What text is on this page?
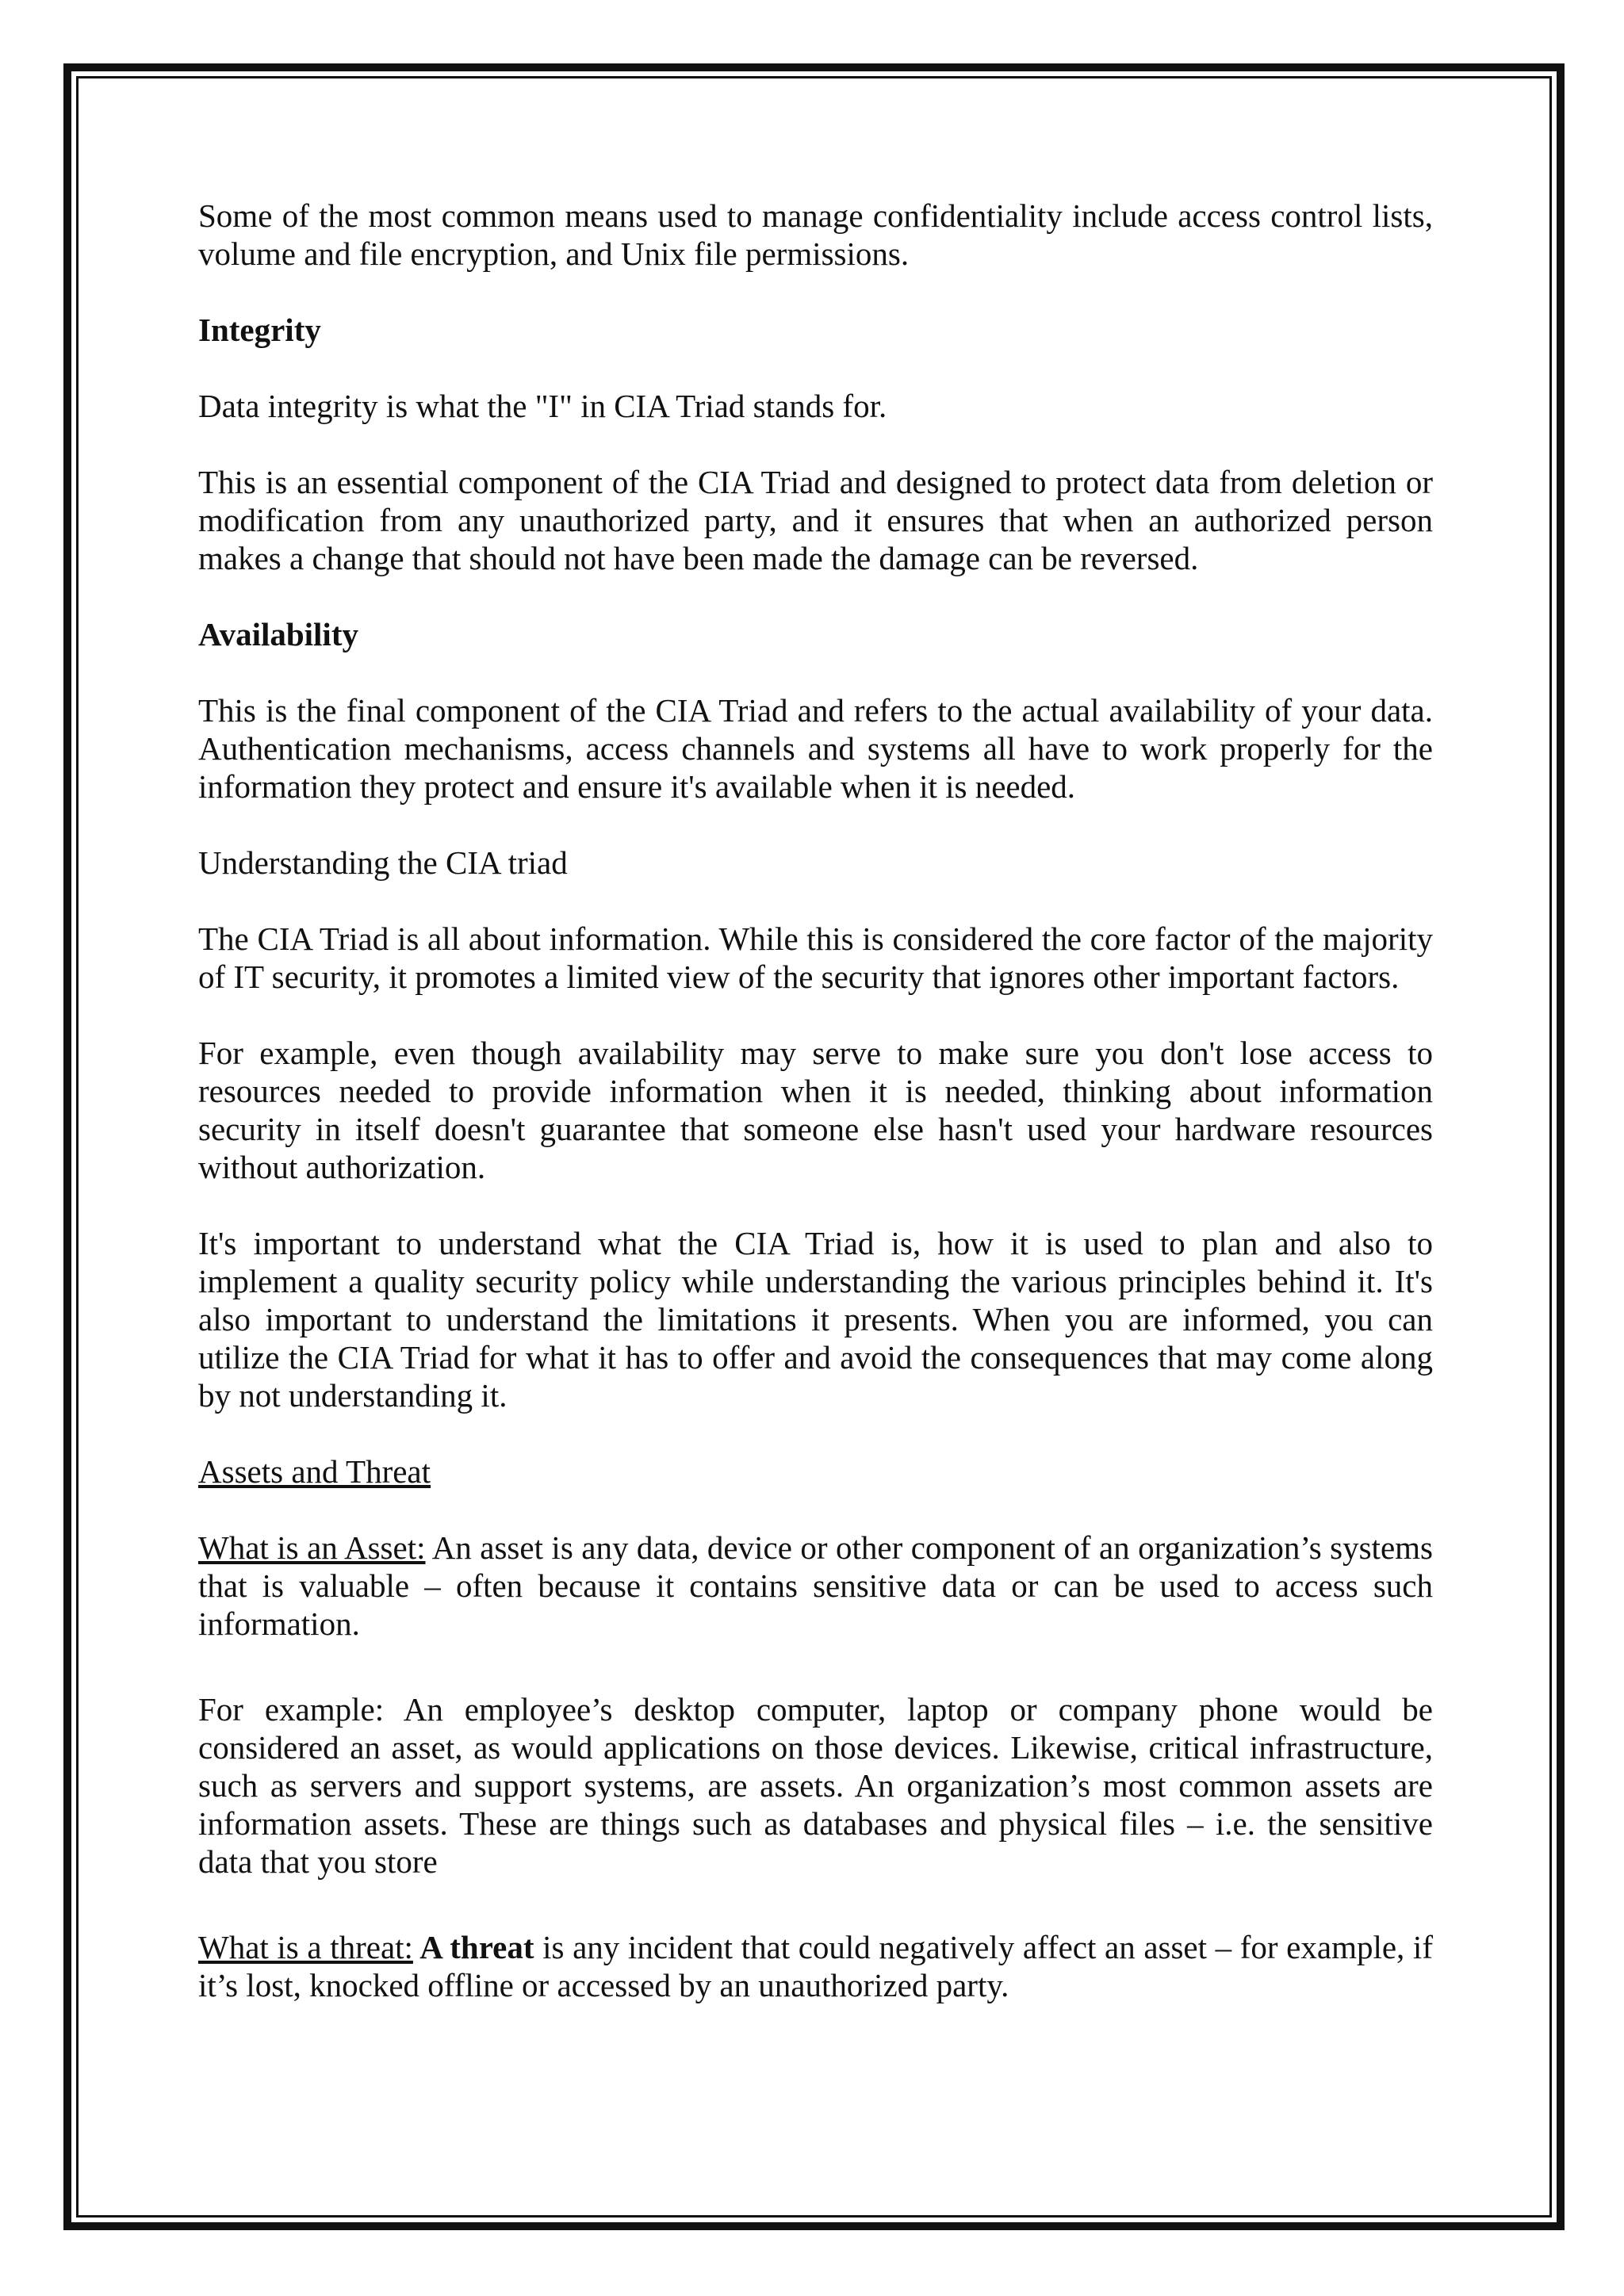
Some of the most common means used to manage confidentiality include access control lists, volume and file encryption, and Unix file permissions.

Integrity

Data integrity is what the "I" in CIA Triad stands for.

This is an essential component of the CIA Triad and designed to protect data from deletion or modification from any unauthorized party, and it ensures that when an authorized person makes a change that should not have been made the damage can be reversed.

Availability

This is the final component of the CIA Triad and refers to the actual availability of your data. Authentication mechanisms, access channels and systems all have to work properly for the information they protect and ensure it's available when it is needed.

Understanding the CIA triad

The CIA Triad is all about information. While this is considered the core factor of the majority of IT security, it promotes a limited view of the security that ignores other important factors.

For example, even though availability may serve to make sure you don't lose access to resources needed to provide information when it is needed, thinking about information security in itself doesn't guarantee that someone else hasn't used your hardware resources without authorization.

It's important to understand what the CIA Triad is, how it is used to plan and also to implement a quality security policy while understanding the various principles behind it. It's also important to understand the limitations it presents. When you are informed, you can utilize the CIA Triad for what it has to offer and avoid the consequences that may come along by not understanding it.

Assets and Threat

What is an Asset: An asset is any data, device or other component of an organization’s systems that is valuable – often because it contains sensitive data or can be used to access such information.

For example: An employee’s desktop computer, laptop or company phone would be considered an asset, as would applications on those devices. Likewise, critical infrastructure, such as servers and support systems, are assets. An organization’s most common assets are information assets. These are things such as databases and physical files – i.e. the sensitive data that you store

What is a threat: A threat is any incident that could negatively affect an asset – for example, if it’s lost, knocked offline or accessed by an unauthorized party.
